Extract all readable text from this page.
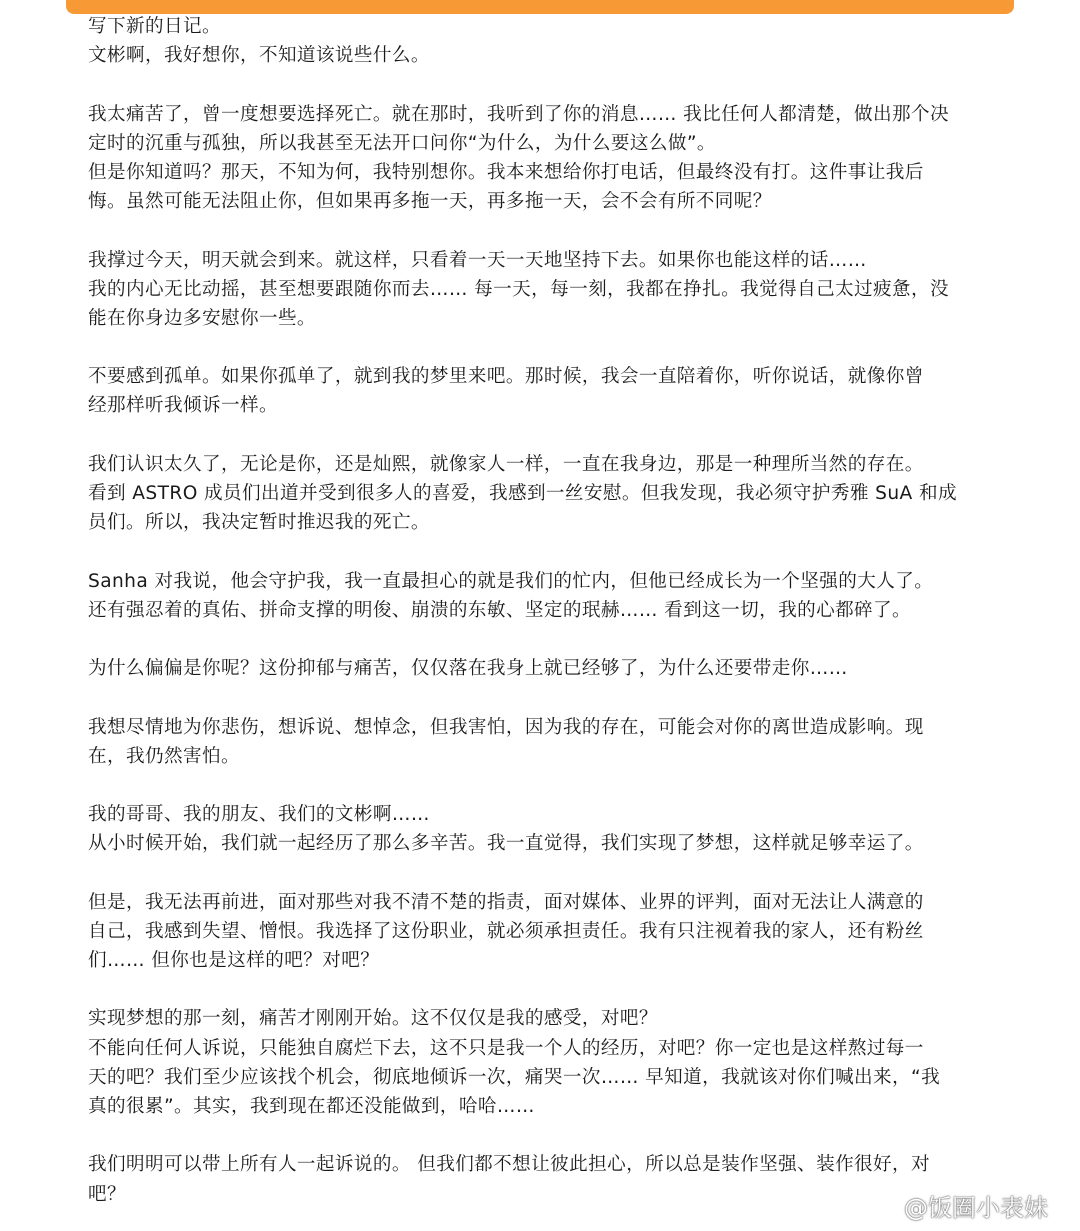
写下新的日记。
文彬啊，我好想你，不知道该说些什么。
我太痛苦了，曾一度想要选择死亡。就在那时，我听到了你的消息…… 我比任何人都清楚，做出那个决
定时的沉重与孤独，所以我甚至无法开口问你“为什么，为什么要这么做”。
但是你知道吗？那天，不知为何，我特别想你。我本来想给你打电话，但最终没有打。这件事让我后
悔。虽然可能无法阻止你，但如果再多拖一天，再多拖一天，会不会有所不同呢？
我撑过今天，明天就会到来。就这样，只看着一天一天地坚持下去。如果你也能这样的话……
我的内心无比动摇，甚至想要跟随你而去…… 每一天，每一刻，我都在挣扎。我觉得自己太过疲惫，没
能在你身边多安慰你一些。
不要感到孤单。如果你孤单了，就到我的梦里来吧。那时候，我会一直陪着你，听你说话，就像你曾
经那样听我倾诉一样。
我们认识太久了，无论是你，还是灿熙，就像家人一样，一直在我身边，那是一种理所当然的存在。
看到 ASTRO 成员们出道并受到很多人的喜爱，我感到一丝安慰。但我发现，我必须守护秀雅 SuA 和成
员们。所以，我决定暂时推迟我的死亡。
Sanha 对我说，他会守护我，我一直最担心的就是我们的忙内，但他已经成长为一个坚强的大人了。
还有强忍着的真佑、拼命支撑的明俊、崩溃的东敏、坚定的珉赫…… 看到这一切，我的心都碎了。
为什么偏偏是你呢？这份抑郁与痛苦，仅仅落在我身上就已经够了，为什么还要带走你……
我想尽情地为你悲伤，想诉说、想悼念，但我害怕，因为我的存在，可能会对你的离世造成影响。现
在，我仍然害怕。
我的哥哥、我的朋友、我们的文彬啊……
从小时候开始，我们就一起经历了那么多辛苦。我一直觉得，我们实现了梦想，这样就足够幸运了。
但是，我无法再前进，面对那些对我不清不楚的指责，面对媒体、业界的评判，面对无法让人满意的
自己，我感到失望、憎恨。我选择了这份职业，就必须承担责任。我有只注视着我的家人，还有粉丝
们…… 但你也是这样的吧？对吧？
实现梦想的那一刻，痛苦才刚刚开始。这不仅仅是我的感受，对吧？
不能向任何人诉说，只能独自腐烂下去，这不只是我一个人的经历，对吧？你一定也是这样熬过每一
天的吧？我们至少应该找个机会，彻底地倾诉一次，痛哭一次…… 早知道，我就该对你们喊出来，“我
真的很累”。其实，我到现在都还没能做到，哈哈……
我们明明可以带上所有人一起诉说的。 但我们都不想让彼此担心，所以总是装作坚强、装作很好，对
吧？	@饭圈小表妹
